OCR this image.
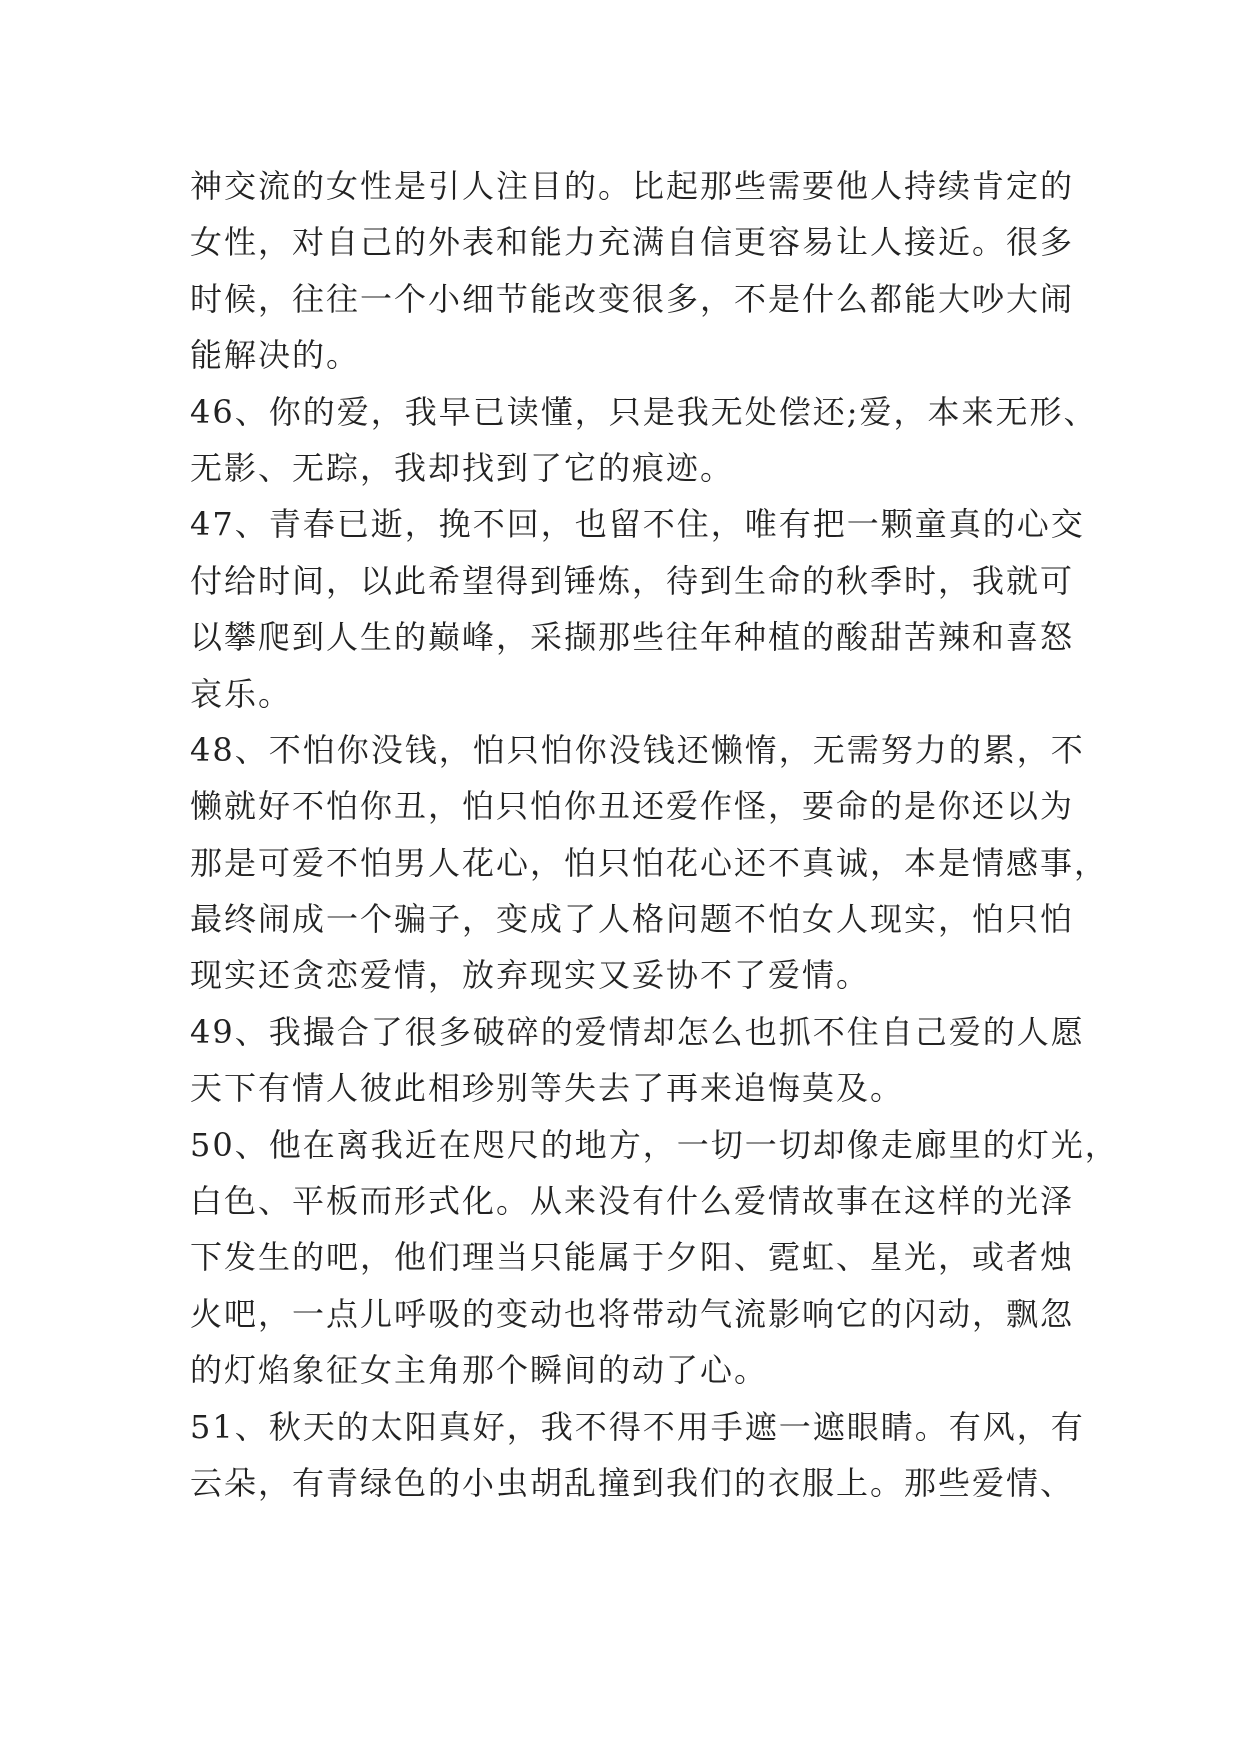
神交流的女性是引人注目的。比起那些需要他人持续肯定的
女性，对自己的外表和能力充满自信更容易让人接近。很多
时候，往往一个小细节能改变很多，不是什么都能大吵大闹
能解决的。
46、你的爱，我早已读懂，只是我无处偿还;爱，本来无形、
无影、无踪，我却找到了它的痕迹。
47、青春已逝，挽不回，也留不住，唯有把一颗童真的心交
付给时间，以此希望得到锤炼，待到生命的秋季时，我就可
以攀爬到人生的巅峰，采撷那些往年种植的酸甜苦辣和喜怒
哀乐。
48、不怕你没钱，怕只怕你没钱还懒惰，无需努力的累，不
懒就好不怕你丑，怕只怕你丑还爱作怪，要命的是你还以为
那是可爱不怕男人花心，怕只怕花心还不真诚，本是情感事，
最终闹成一个骗子，变成了人格问题不怕女人现实，怕只怕
现实还贪恋爱情，放弃现实又妥协不了爱情。
49、我撮合了很多破碎的爱情却怎么也抓不住自己爱的人愿
天下有情人彼此相珍别等失去了再来追悔莫及。
50、他在离我近在咫尺的地方，一切一切却像走廊里的灯光，
白色、平板而形式化。从来没有什么爱情故事在这样的光泽
下发生的吧，他们理当只能属于夕阳、霓虹、星光，或者烛
火吧，一点儿呼吸的变动也将带动气流影响它的闪动，飘忽
的灯焰象征女主角那个瞬间的动了心。
51、秋天的太阳真好，我不得不用手遮一遮眼睛。有风，有
云朵，有青绿色的小虫胡乱撞到我们的衣服上。那些爱情、
